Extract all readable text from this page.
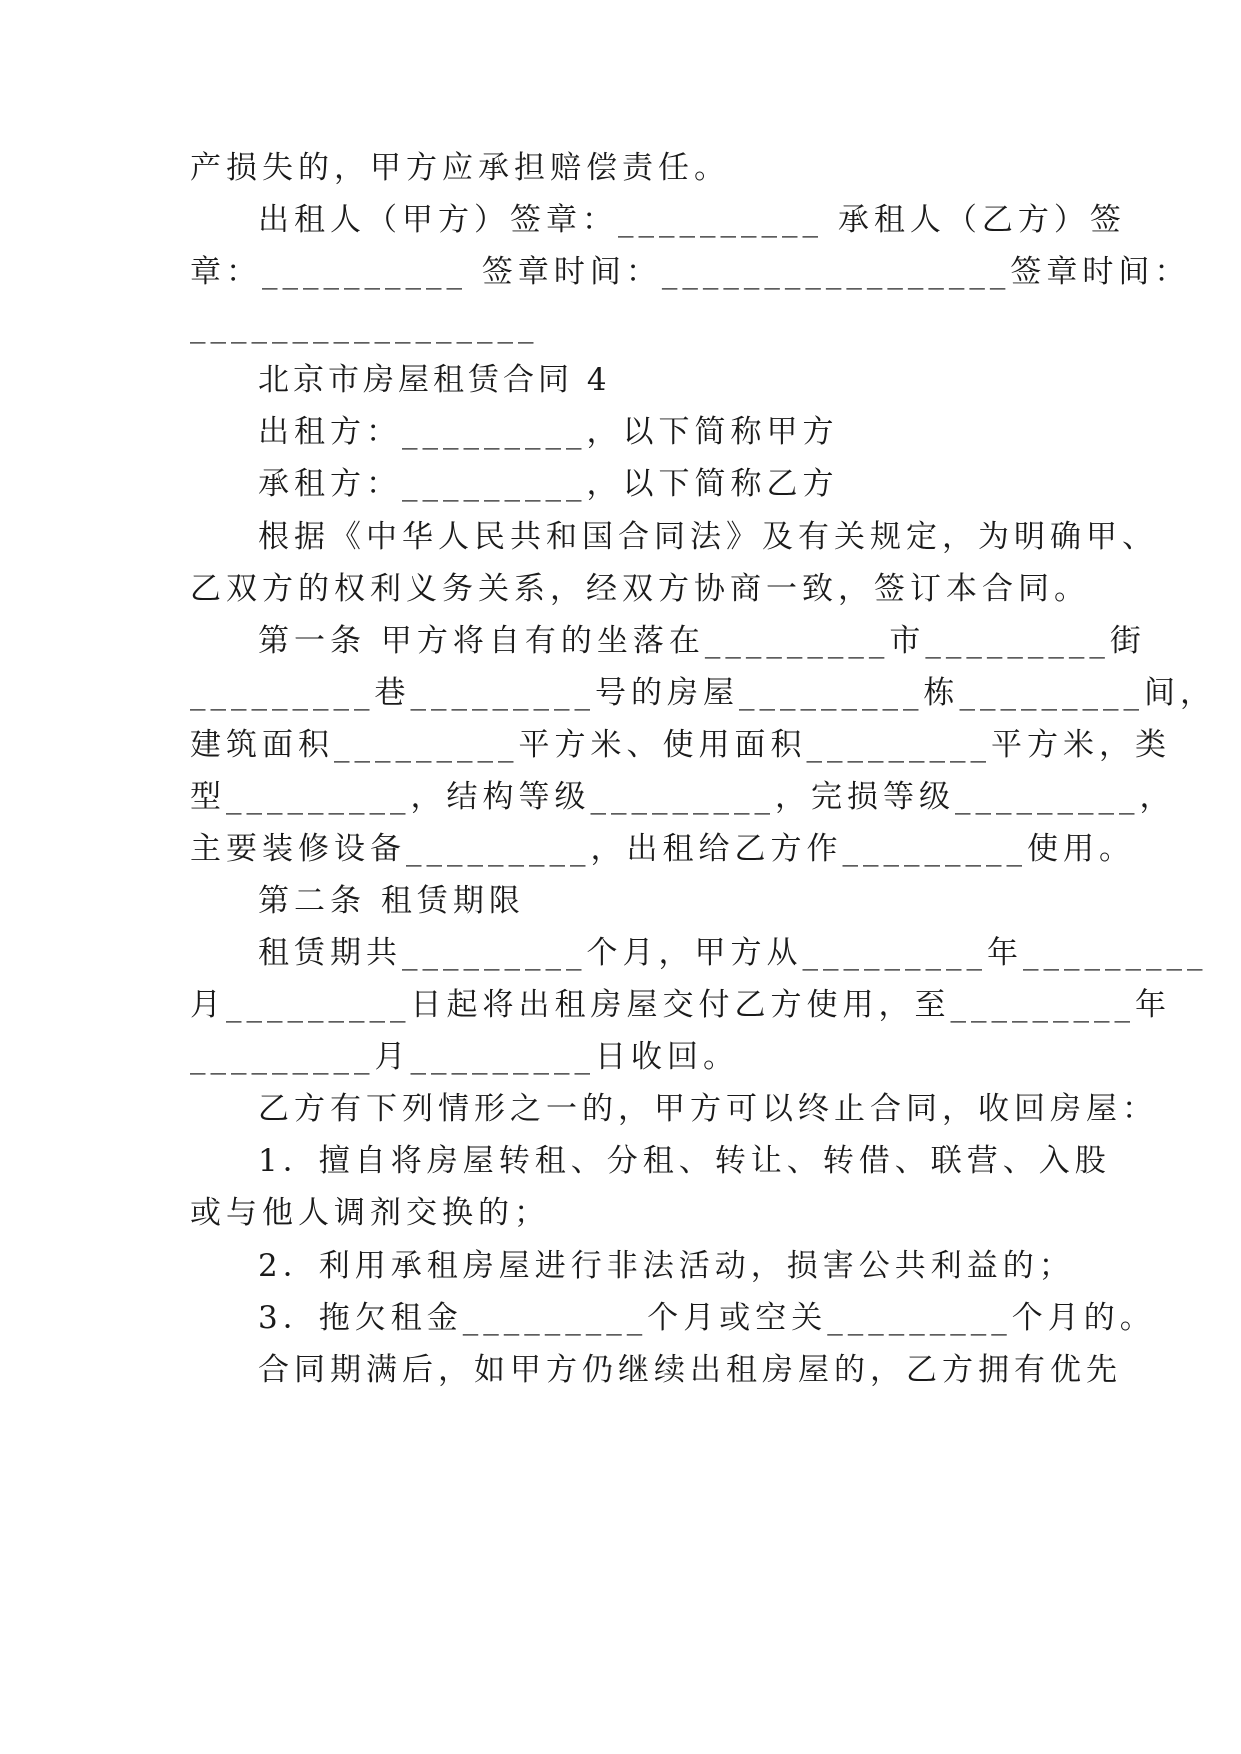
产损失的，甲方应承担赔偿责任。
出租人（甲方）签章：__________ 承租人（乙方）签
章：__________ 签章时间：_________________签章时间：
_________________
北京市房屋租赁合同 4
出租方：_________，以下简称甲方
承租方：_________，以下简称乙方
根据《中华人民共和国合同法》及有关规定，为明确甲、
乙双方的权利义务关系，经双方协商一致，签订本合同。
第一条 甲方将自有的坐落在_________市_________街
_________巷_________号的房屋_________栋_________间，
建筑面积_________平方米、使用面积_________平方米，类
型_________，结构等级_________，完损等级_________，
主要装修设备_________，出租给乙方作_________使用。
第二条 租赁期限
租赁期共_________个月，甲方从_________年_________
月_________日起将出租房屋交付乙方使用，至_________年
_________月_________日收回。
乙方有下列情形之一的，甲方可以终止合同，收回房屋：
1．擅自将房屋转租、分租、转让、转借、联营、入股
或与他人调剂交换的；
2．利用承租房屋进行非法活动，损害公共利益的；
3．拖欠租金_________个月或空关_________个月的。
合同期满后，如甲方仍继续出租房屋的，乙方拥有优先
